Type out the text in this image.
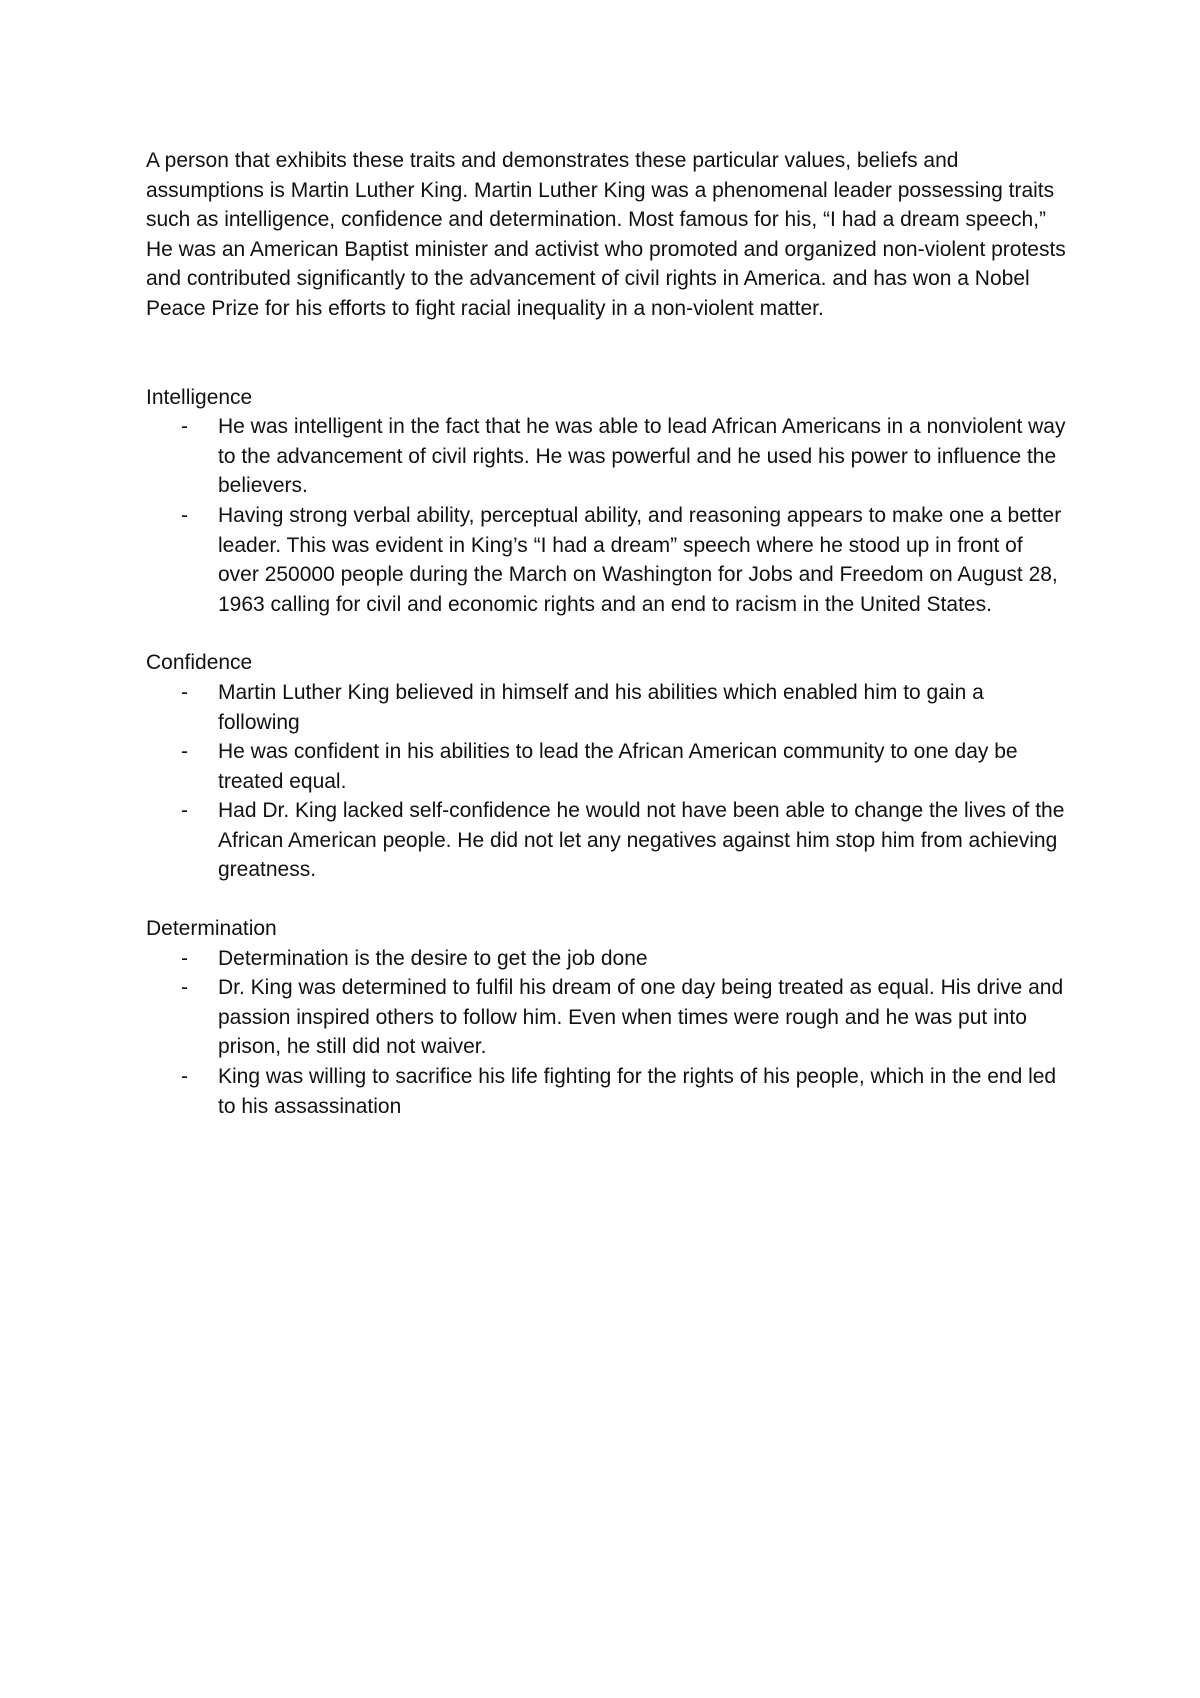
A person that exhibits these traits and demonstrates these particular values, beliefs and assumptions is Martin Luther King. Martin Luther King was a phenomenal leader possessing traits such as intelligence, confidence and determination. Most famous for his, “I had a dream speech,” He was an American Baptist minister and activist who promoted and organized non-violent protests and contributed significantly to the advancement of civil rights in America. and has won a Nobel Peace Prize for his efforts to fight racial inequality in a non-violent matter.

Intelligence
- He was intelligent in the fact that he was able to lead African Americans in a nonviolent way to the advancement of civil rights. He was powerful and he used his power to influence the believers.
- Having strong verbal ability, perceptual ability, and reasoning appears to make one a better leader. This was evident in King’s “I had a dream” speech where he stood up in front of over 250000 people during the March on Washington for Jobs and Freedom on August 28, 1963 calling for civil and economic rights and an end to racism in the United States.
Confidence
- Martin Luther King believed in himself and his abilities which enabled him to gain a following
- He was confident in his abilities to lead the African American community to one day be treated equal.
- Had Dr. King lacked self-confidence he would not have been able to change the lives of the African American people. He did not let any negatives against him stop him from achieving greatness.
Determination
- Determination is the desire to get the job done
- Dr. King was determined to fulfil his dream of one day being treated as equal. His drive and passion inspired others to follow him. Even when times were rough and he was put into prison, he still did not waiver.
- King was willing to sacrifice his life fighting for the rights of his people, which in the end led to his assassination
